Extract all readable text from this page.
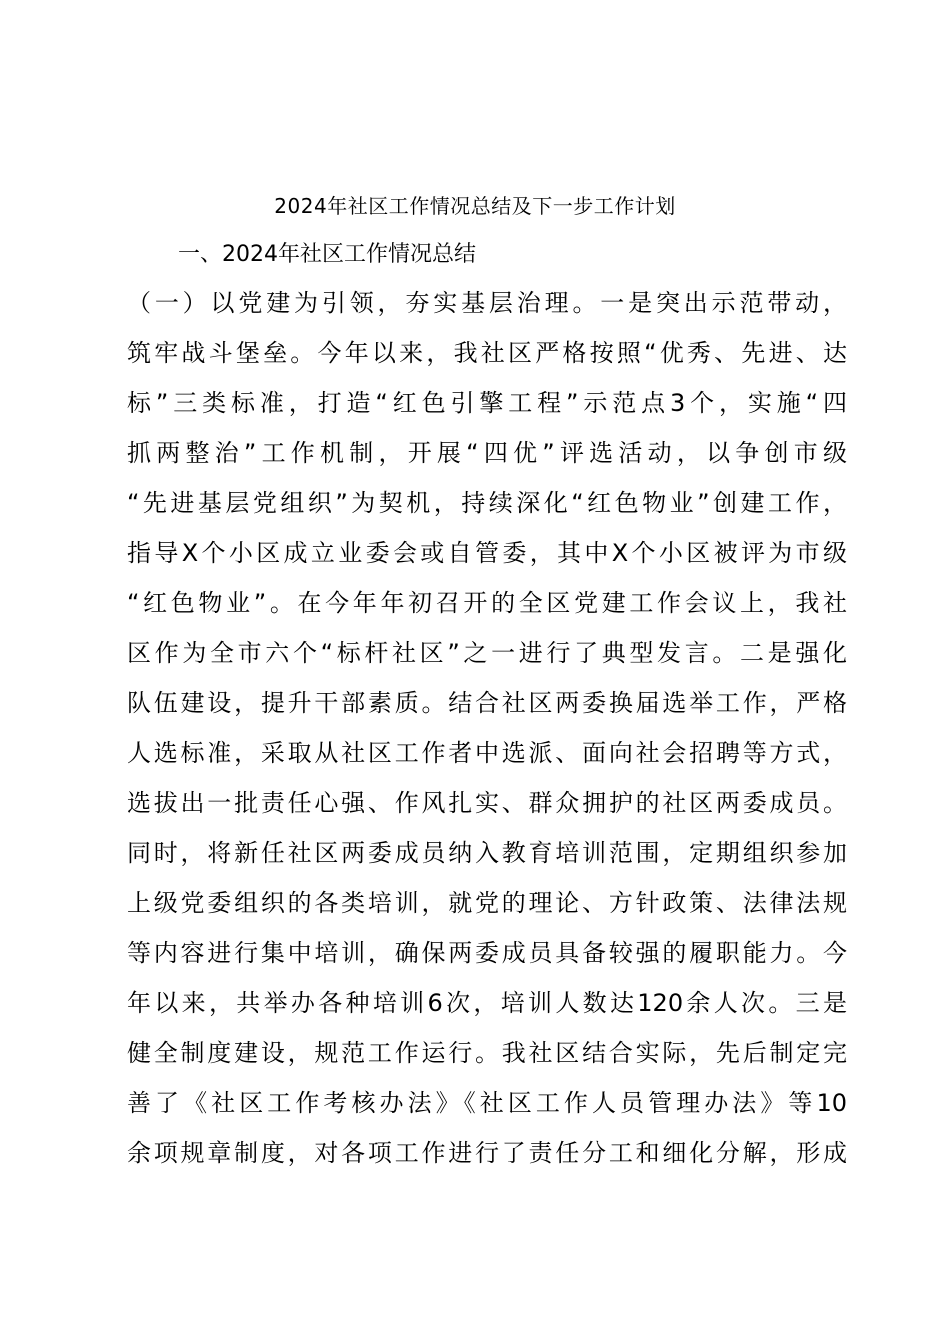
2024年社区工作情况总结及下一步工作计划
一、2024年社区工作情况总结
（一）以党建为引领，夯实基层治理。一是突出示范带动，
筑牢战斗堡垒。今年以来，我社区严格按照“优秀、先进、达
标”三类标准，打造“红色引擎工程”示范点3个，实施“四
抓两整治”工作机制，开展“四优”评选活动，以争创市级
“先进基层党组织”为契机，持续深化“红色物业”创建工作，
指导X个小区成立业委会或自管委，其中X个小区被评为市级
“红色物业”。在今年年初召开的全区党建工作会议上，我社
区作为全市六个“标杆社区”之一进行了典型发言。二是强化
队伍建设，提升干部素质。结合社区两委换届选举工作，严格
人选标准，采取从社区工作者中选派、面向社会招聘等方式，
选拔出一批责任心强、作风扎实、群众拥护的社区两委成员。
同时，将新任社区两委成员纳入教育培训范围，定期组织参加
上级党委组织的各类培训，就党的理论、方针政策、法律法规
等内容进行集中培训，确保两委成员具备较强的履职能力。今
年以来，共举办各种培训6次，培训人数达120余人次。三是
健全制度建设，规范工作运行。我社区结合实际，先后制定完
善了《社区工作考核办法》《社区工作人员管理办法》等10
余项规章制度，对各项工作进行了责任分工和细化分解，形成
